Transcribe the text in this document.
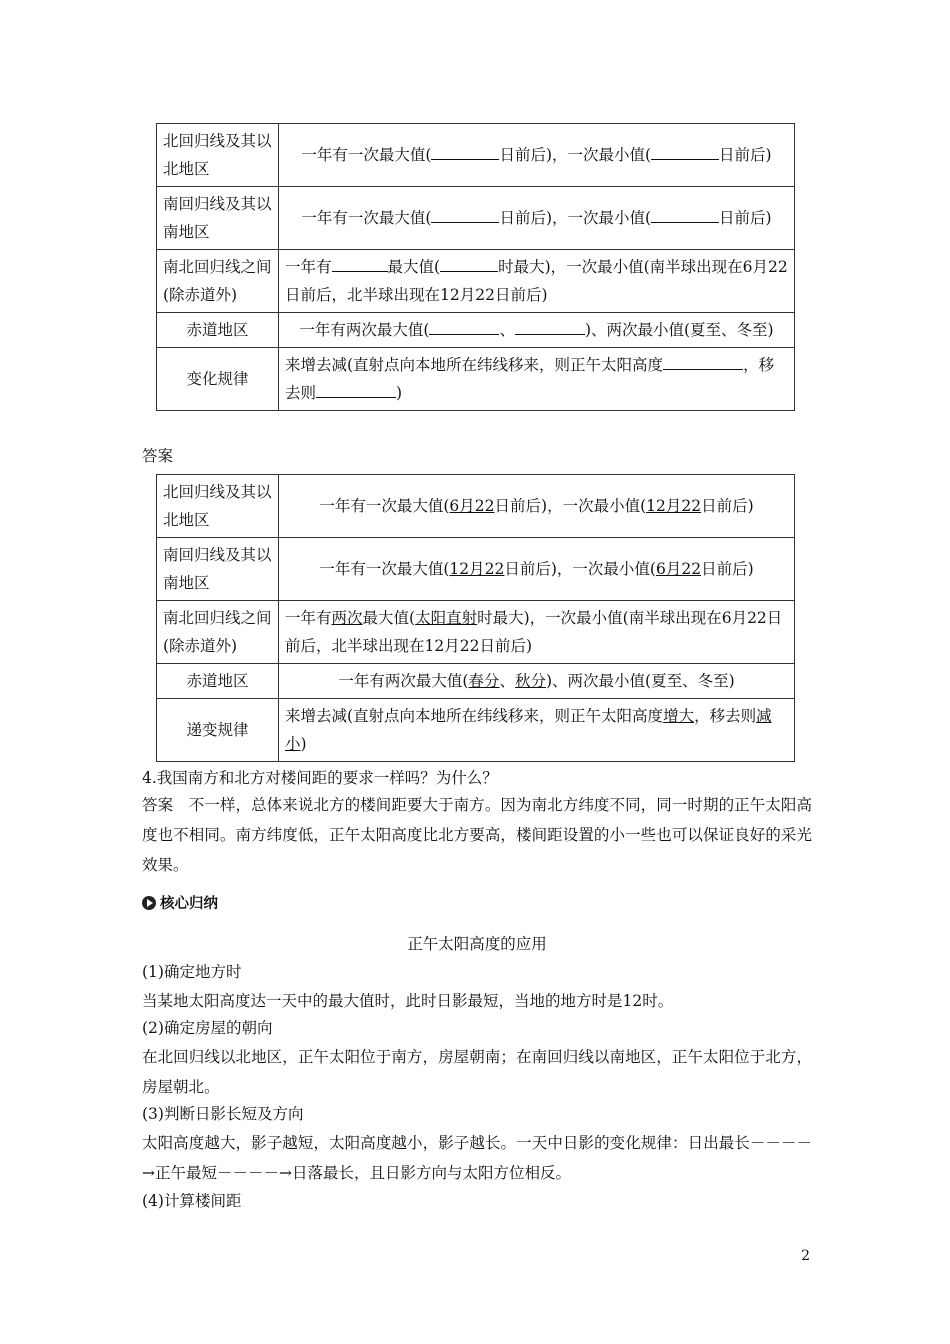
北回归线及其以北地区	一年有一次最大值( 日前后)，一次最小值( 日前后)
南回归线及其以南地区	一年有一次最大值( 日前后)，一次最小值( 日前后)
南北回归线之间(除赤道外)	一年有 最大值( 时最大)，一次最小值(南半球出现在6月22日前后，北半球出现在12月22日前后)
赤道地区	一年有两次最大值( 、 )、两次最小值(夏至、冬至)
变化规律	来增去减(直射点向本地所在纬线移来，则正午太阳高度 ，移去则 )
答案
北回归线及其以北地区	一年有一次最大值(6月22日前后)，一次最小值(12月22日前后)
南回归线及其以南地区	一年有一次最大值(12月22日前后)，一次最小值(6月22日前后)
南北回归线之间(除赤道外)	一年有两次最大值(太阳直射时最大)，一次最小值(南半球出现在6月22日前后，北半球出现在12月22日前后)
赤道地区	一年有两次最大值(春分、秋分)、两次最小值(夏至、冬至)
递变规律	来增去减(直射点向本地所在纬线移来，则正午太阳高度增大，移去则减小)
4.我国南方和北方对楼间距的要求一样吗？为什么？
答案　 不一样，总体来说北方的楼间距要大于南方。因为南北方纬度不同，同一时期的正午太阳高度也不相同。南方纬度低，正午太阳高度比北方要高，楼间距设置的小一些也可以保证良好的采光效果。
核心归纳
正午太阳高度的应用
(1)确定地方时
当某地太阳高度达一天中的最大值时，此时日影最短，当地的地方时是12时。
(2)确定房屋的朝向
在北回归线以北地区，正午太阳位于南方，房屋朝南；在南回归线以南地区，正午太阳位于北方，房屋朝北。
(3)判断日影长短及方向
太阳高度越大，影子越短，太阳高度越小，影子越长。一天中日影的变化规律：日出最长－－－－→正午最短－－－－→日落最长，且日影方向与太阳方位相反。
(4)计算楼间距
2
